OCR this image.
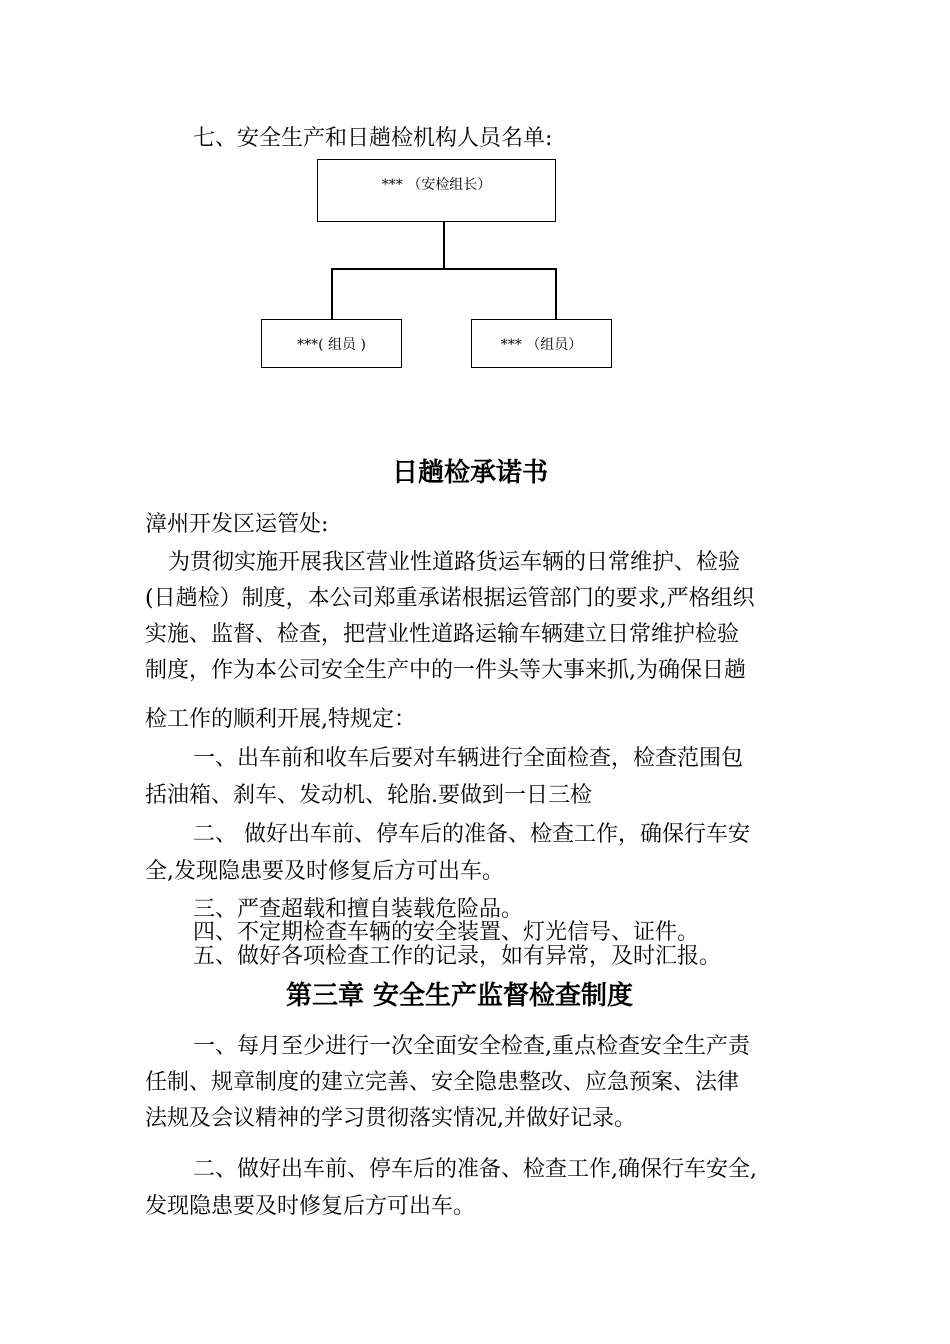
七、安全生产和日趟检机构人员名单:

*** （安检组长）
***( 组员 )	*** （组员）

日趟检承诺书

漳州开发区运管处:

为贯彻实施开展我区营业性道路货运车辆的日常维护、检验

(日趟检）制度，本公司郑重承诺根据运管部门的要求,严格组织

实施、监督、检查，把营业性道路运输车辆建立日常维护检验

制度，作为本公司安全生产中的一件头等大事来抓,为确保日趟

检工作的顺利开展,特规定：

一、出车前和收车后要对车辆进行全面检查，检查范围包

括油箱、刹车、发动机、轮胎.要做到一日三检

二、 做好出车前、停车后的准备、检查工作，确保行车安

全,发现隐患要及时修复后方可出车。

三、严查超载和擅自装载危险品。

四、不定期检查车辆的安全装置、灯光信号、证件。

五、做好各项检查工作的记录，如有异常，及时汇报。

第三章 安全生产监督检查制度

一、每月至少进行一次全面安全检查,重点检查安全生产责

任制、规章制度的建立完善、安全隐患整改、应急预案、法律

法规及会议精神的学习贯彻落实情况,并做好记录。

二、做好出车前、停车后的准备、检查工作,确保行车安全,

发现隐患要及时修复后方可出车。
